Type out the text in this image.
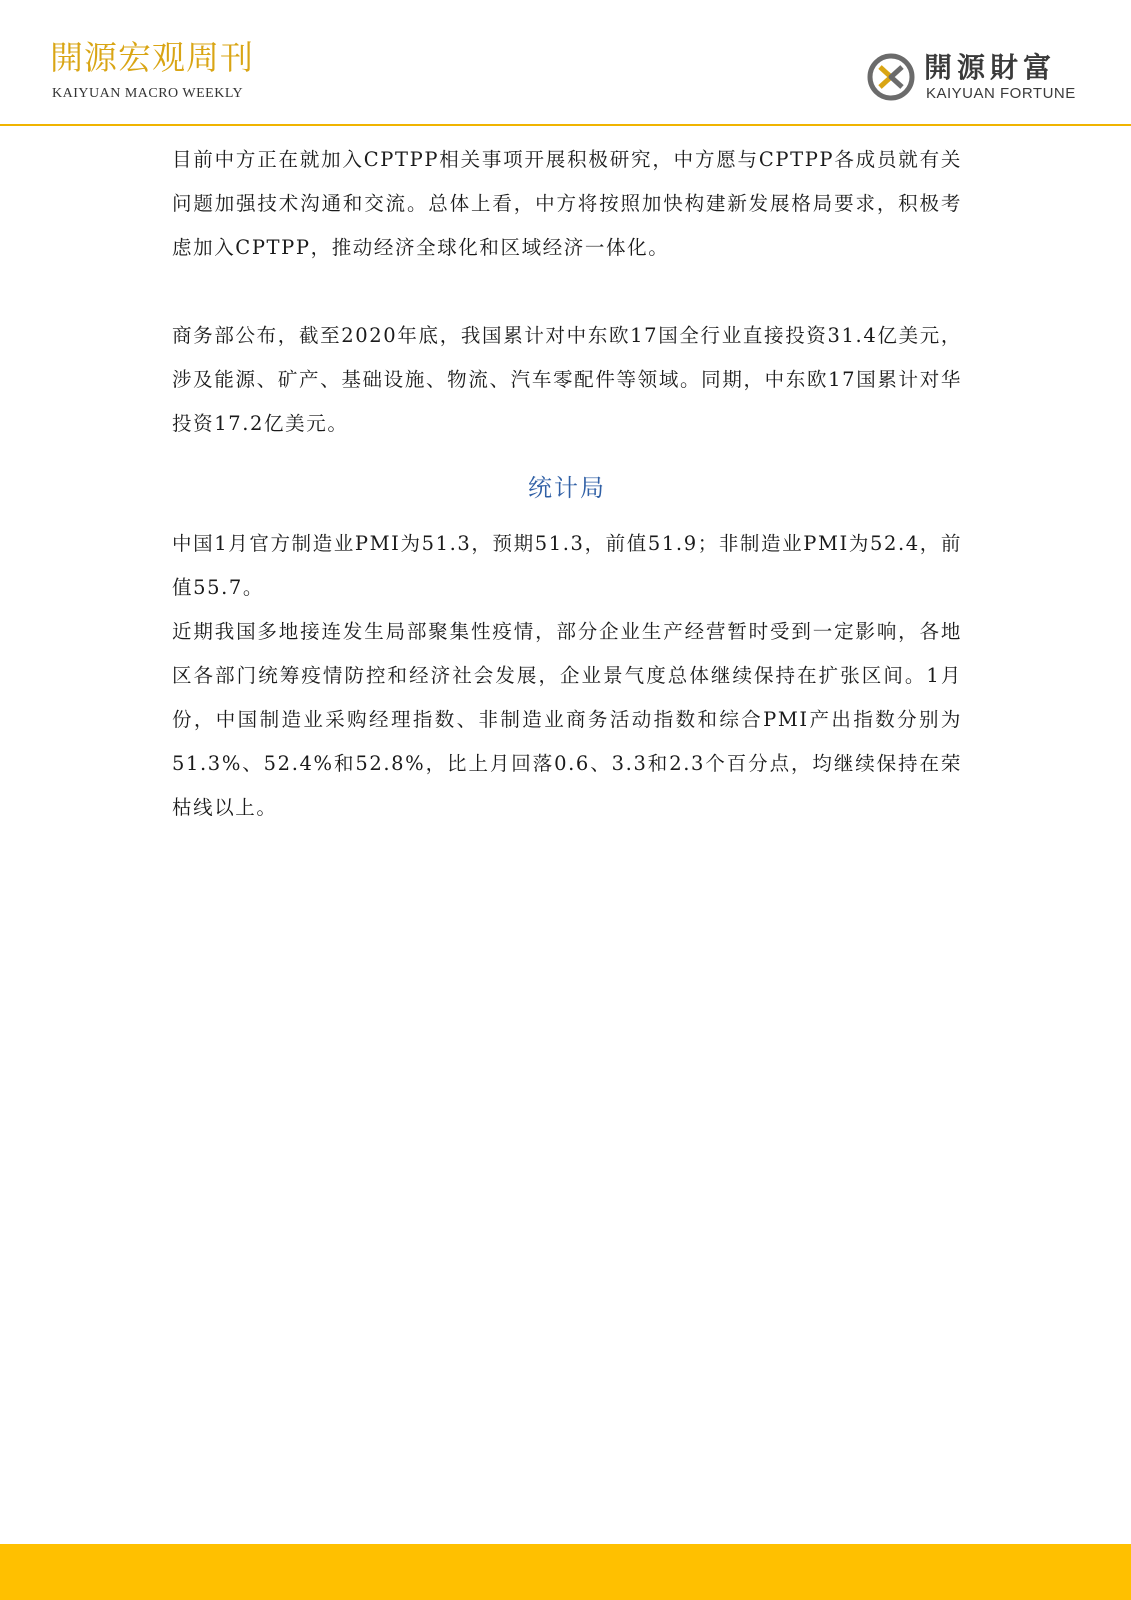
開源宏观周刊
KAIYUAN MACRO WEEKLY
開源財富
KAIYUAN FORTUNE

目前中方正在就加入CPTPP相关事项开展积极研究，中方愿与CPTPP各成员就有关问题加强技术沟通和交流。总体上看，中方将按照加快构建新发展格局要求，积极考虑加入CPTPP，推动经济全球化和区域经济一体化。

商务部公布，截至2020年底，我国累计对中东欧17国全行业直接投资31.4亿美元，涉及能源、矿产、基础设施、物流、汽车零配件等领域。同期，中东欧17国累计对华投资17.2亿美元。

统计局

中国1月官方制造业PMI为51.3，预期51.3，前值51.9；非制造业PMI为52.4，前值55.7。

近期我国多地接连发生局部聚集性疫情，部分企业生产经营暂时受到一定影响，各地区各部门统筹疫情防控和经济社会发展，企业景气度总体继续保持在扩张区间。1月份，中国制造业采购经理指数、非制造业商务活动指数和综合PMI产出指数分别为51.3%、52.4%和52.8%，比上月回落0.6、3.3和2.3个百分点，均继续保持在荣枯线以上。
